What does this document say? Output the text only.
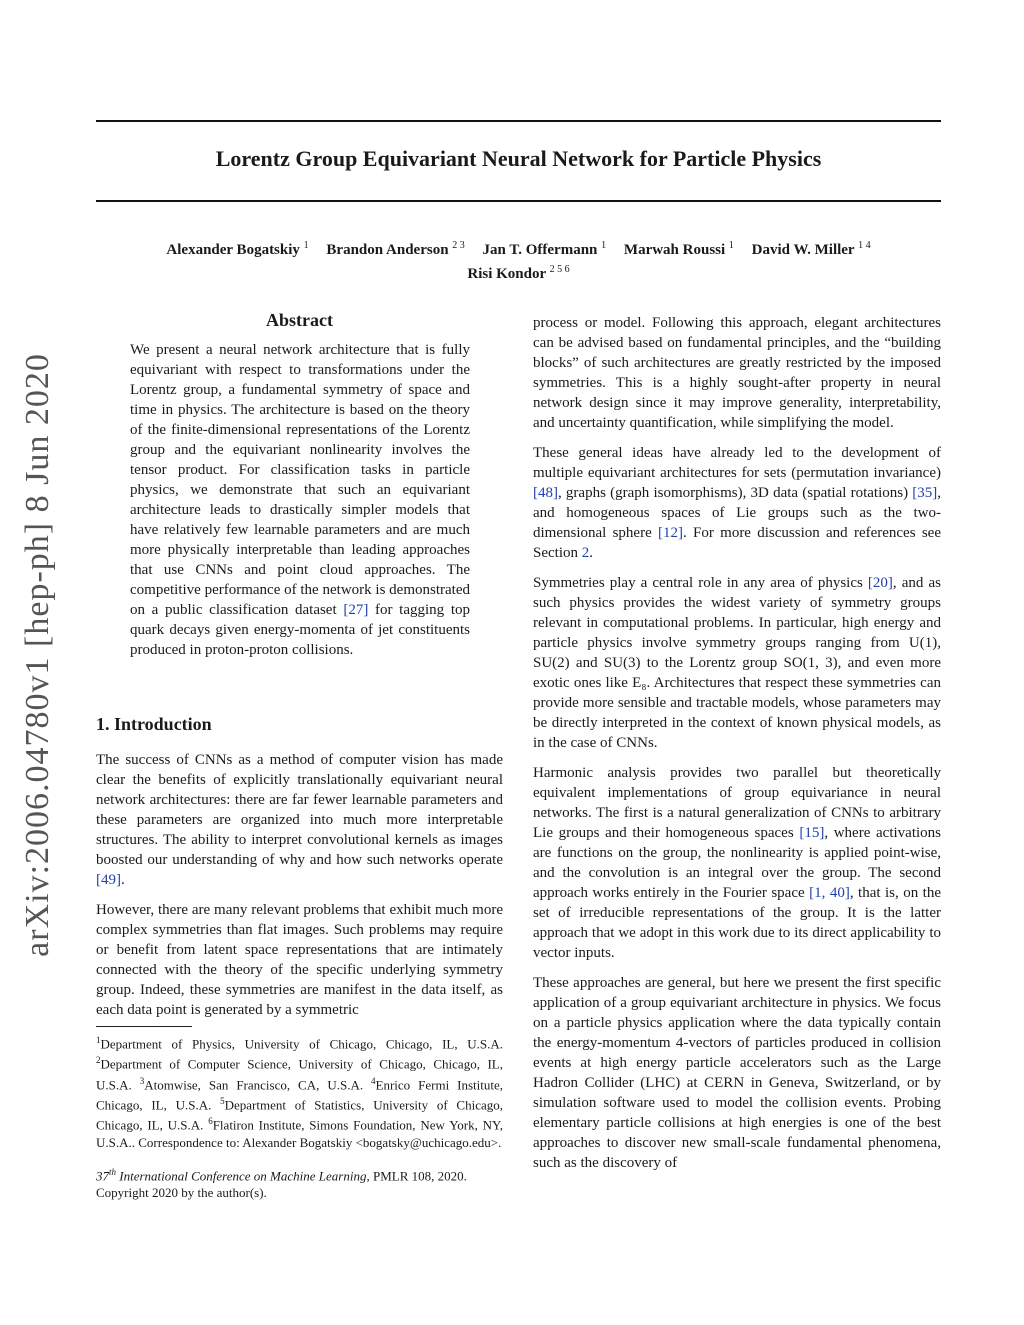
Lorentz Group Equivariant Neural Network for Particle Physics
Alexander Bogatskiy $^1$ Brandon Anderson $^{2 3}$ Jan T. Offermann $^1$ Marwah Roussi $^1$ David W. Miller $^{1 4}$
Risi Kondor $^{2 5 6}$
arXiv:2006.04780v1 [hep-ph] 8 Jun 2020
Abstract

We present a neural network architecture that is fully equivariant with respect to transformations under the Lorentz group, a fundamental symmetry of space and time in physics. The architecture is based on the theory of the finite-dimensional representations of the Lorentz group and the equivariant nonlinearity involves the tensor product. For classification tasks in particle physics, we demonstrate that such an equivariant architecture leads to drastically simpler models that have relatively few learnable parameters and are much more physically interpretable than leading approaches that use CNNs and point cloud approaches. The competitive performance of the network is demonstrated on a public classification dataset [27] for tagging top quark decays given energy-momenta of jet constituents produced in proton-proton collisions.

1. Introduction

The success of CNNs as a method of computer vision has made clear the benefits of explicitly translationally equivariant neural network architectures: there are far fewer learnable parameters and these parameters are organized into much more interpretable structures. The ability to interpret convolutional kernels as images boosted our understanding of why and how such networks operate [49].

However, there are many relevant problems that exhibit much more complex symmetries than flat images. Such problems may require or benefit from latent space representations that are intimately connected with the theory of the specific underlying symmetry group. Indeed, these symmetries are manifest in the data itself, as each data point is generated by a symmetric

process or model. Following this approach, elegant architectures can be advised based on fundamental principles, and the “building blocks” of such architectures are greatly restricted by the imposed symmetries. This is a highly sought-after property in neural network design since it may improve generality, interpretability, and uncertainty quantification, while simplifying the model.

These general ideas have already led to the development of multiple equivariant architectures for sets (permutation invariance) [48], graphs (graph isomorphisms), 3D data (spatial rotations) [35], and homogeneous spaces of Lie groups such as the two-dimensional sphere [12]. For more discussion and references see Section 2.

Symmetries play a central role in any area of physics [20], and as such physics provides the widest variety of symmetry groups relevant in computational problems. In particular, high energy and particle physics involve symmetry groups ranging from U(1), SU(2) and SU(3) to the Lorentz group SO(1, 3), and even more exotic ones like E₈. Architectures that respect these symmetries can provide more sensible and tractable models, whose parameters may be directly interpreted in the context of known physical models, as in the case of CNNs.

Harmonic analysis provides two parallel but theoretically equivalent implementations of group equivariance in neural networks. The first is a natural generalization of CNNs to arbitrary Lie groups and their homogeneous spaces [15], where activations are functions on the group, the nonlinearity is applied point-wise, and the convolution is an integral over the group. The second approach works entirely in the Fourier space [1, 40], that is, on the set of irreducible representations of the group. It is the latter approach that we adopt in this work due to its direct applicability to vector inputs.

These approaches are general, but here we present the first specific application of a group equivariant architecture in physics. We focus on a particle physics application where the data typically contain the energy-momentum 4-vectors of particles produced in collision events at high energy particle accelerators such as the Large Hadron Collider (LHC) at CERN in Geneva, Switzerland, or by simulation software used to model the collision events. Probing elementary particle collisions at high energies is one of the best approaches to discover new small-scale fundamental phenomena, such as the discovery of

$^1$Department of Physics, University of Chicago, Chicago, IL, U.S.A. $^2$Department of Computer Science, University of Chicago, Chicago, IL, U.S.A. $^3$Atomwise, San Francisco, CA, U.S.A. $^4$Enrico Fermi Institute, Chicago, IL, U.S.A. $^5$Department of Statistics, University of Chicago, Chicago, IL, U.S.A. $^6$Flatiron Institute, Simons Foundation, New York, NY, U.S.A.. Correspondence to: Alexander Bogatskiy <bogatsky@uchicago.edu>.
37th International Conference on Machine Learning, PMLR 108, 2020. Copyright 2020 by the author(s).
